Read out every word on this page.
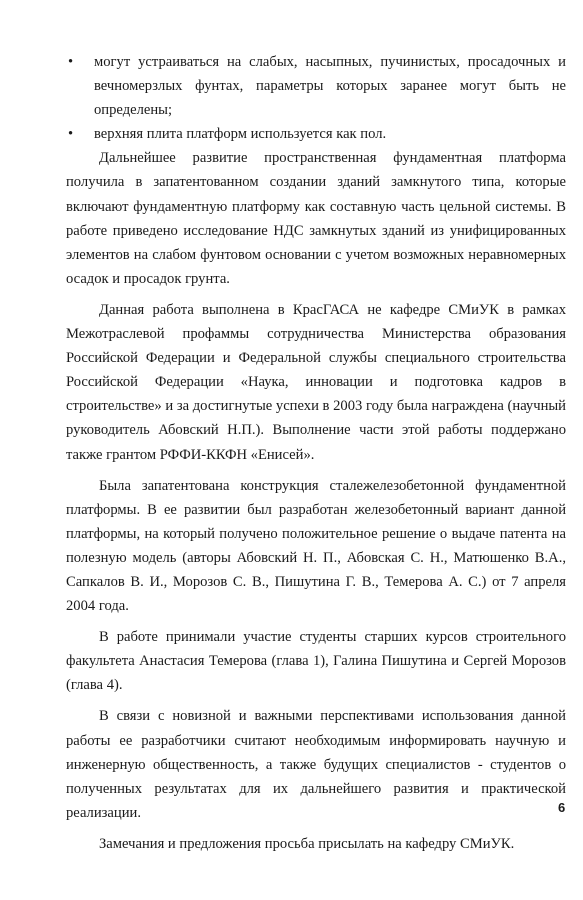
•	могут устраиваться на слабых, насыпных, пучинистых, просадочных и вечномерзлых фунтах, параметры которых заранее могут быть не определены;
•	верхняя плита платформ используется как пол.

Дальнейшее развитие пространственная фундаментная платформа получила в запатентованном создании зданий замкнутого типа, которые включают фундаментную платформу как составную часть цельной системы. В работе приведено исследование НДС замкнутых зданий из унифицированных элементов на слабом фунтовом основании с учетом возможных неравномерных осадок и просадок грунта.

Данная работа выполнена в КрасГАСА не кафедре СМиУК в рамках Межотраслевой профаммы сотрудничества Министерства образования Российской Федерации и Федеральной службы специального строительства Российской Федерации «Наука, инновации и подготовка кадров в строительстве» и за достигнутые успехи в 2003 году была награждена (научный руководитель Абовский Н.П.). Выполнение части этой работы поддержано также грантом РФФИ-ККФН «Енисей».

Была запатентована конструкция сталежелезобетонной фундаментной платформы. В ее развитии был разработан железобетонный вариант данной платформы, на который получено положительное решение о выдаче патента на полезную модель (авторы Абовский Н. П., Абовская С. Н., Матюшенко В.А., Сапкалов В. И., Морозов С. В., Пишутина Г. В., Темерова А. С.) от 7 апреля 2004 года.

В работе принимали участие студенты старших курсов строительного факультета Анастасия Темерова (глава 1), Галина Пишутина и Сергей Морозов (глава 4).

В связи с новизной и важными перспективами использования данной работы ее разработчики считают необходимым информировать научную и инженерную общественность, а также будущих специалистов - студентов о полученных результатах для их дальнейшего развития и практической реализации.

Замечания и предложения просьба присылать на кафедру СМиУК.

6
